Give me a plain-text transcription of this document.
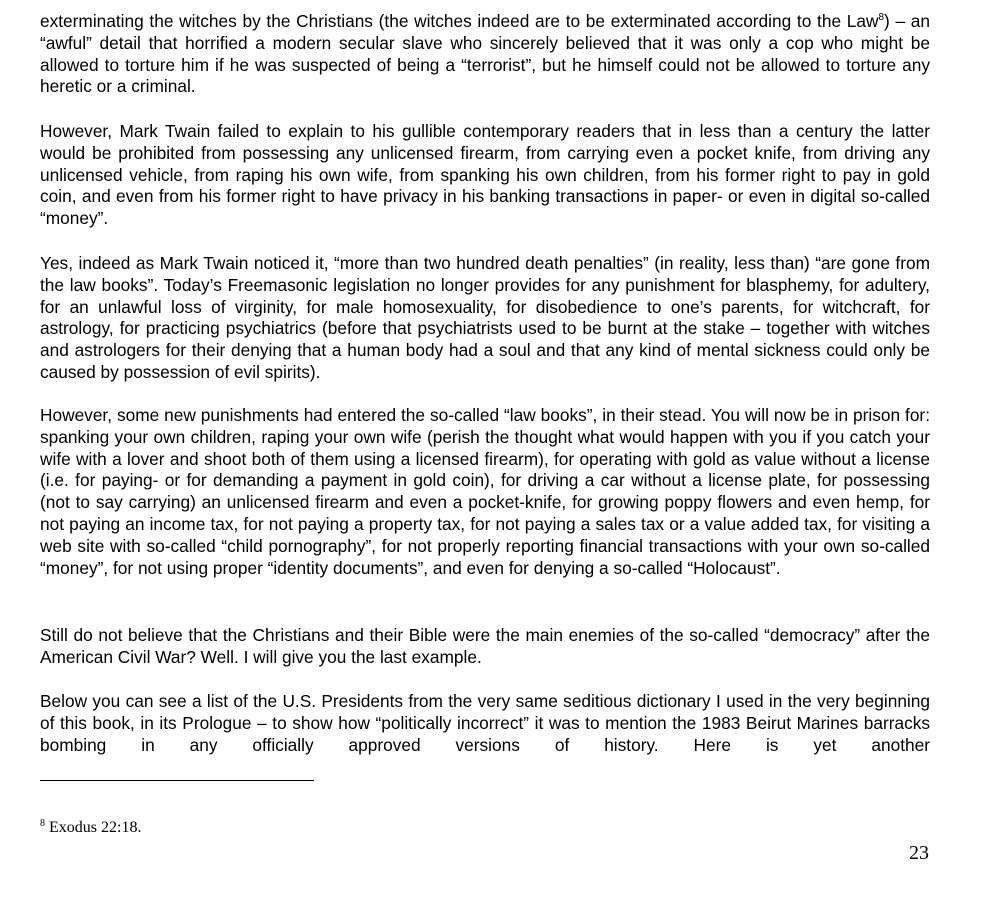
exterminating the witches by the Christians (the witches indeed are to be exterminated according to the Law$^8$) – an “awful” detail that horrified a modern secular slave who sincerely believed that it was only a cop who might be allowed to torture him if he was suspected of being a “terrorist”, but he himself could not be allowed to torture any heretic or a criminal.

However, Mark Twain failed to explain to his gullible contemporary readers that in less than a century the latter would be prohibited from possessing any unlicensed firearm, from carrying even a pocket knife, from driving any unlicensed vehicle, from raping his own wife, from spanking his own children, from his former right to pay in gold coin, and even from his former right to have privacy in his banking transactions in paper- or even in digital so-called “money”.

Yes, indeed as Mark Twain noticed it, “more than two hundred death penalties” (in reality, less than) “are gone from the law books”. Today’s Freemasonic legislation no longer provides for any punishment for blasphemy, for adultery, for an unlawful loss of virginity, for male homosexuality, for disobedience to one’s parents, for witchcraft, for astrology, for practicing psychiatrics (before that psychiatrists used to be burnt at the stake – together with witches and astrologers for their denying that a human body had a soul and that any kind of mental sickness could only be caused by possession of evil spirits).

However, some new punishments had entered the so-called “law books”, in their stead. You will now be in prison for: spanking your own children, raping your own wife (perish the thought what would happen with you if you catch your wife with a lover and shoot both of them using a licensed firearm), for operating with gold as value without a license (i.e. for paying- or for demanding a payment in gold coin), for driving a car without a license plate, for possessing (not to say carrying) an unlicensed firearm and even a pocket-knife, for growing poppy flowers and even hemp, for not paying an income tax, for not paying a property tax, for not paying a sales tax or a value added tax, for visiting a web site with so-called “child pornography”, for not properly reporting financial transactions with your own so-called “money”, for not using proper “identity documents”, and even for denying a so-called “Holocaust”.

Still do not believe that the Christians and their Bible were the main enemies of the so-called “democracy” after the American Civil War? Well. I will give you the last example.

Below you can see a list of the U.S. Presidents from the very same seditious dictionary I used in the very beginning of this book, in its Prologue – to show how “politically incorrect” it was to mention the 1983 Beirut Marines barracks bombing in any officially approved versions of history. Here is yet another

$^8$ Exodus 22:18.

23
